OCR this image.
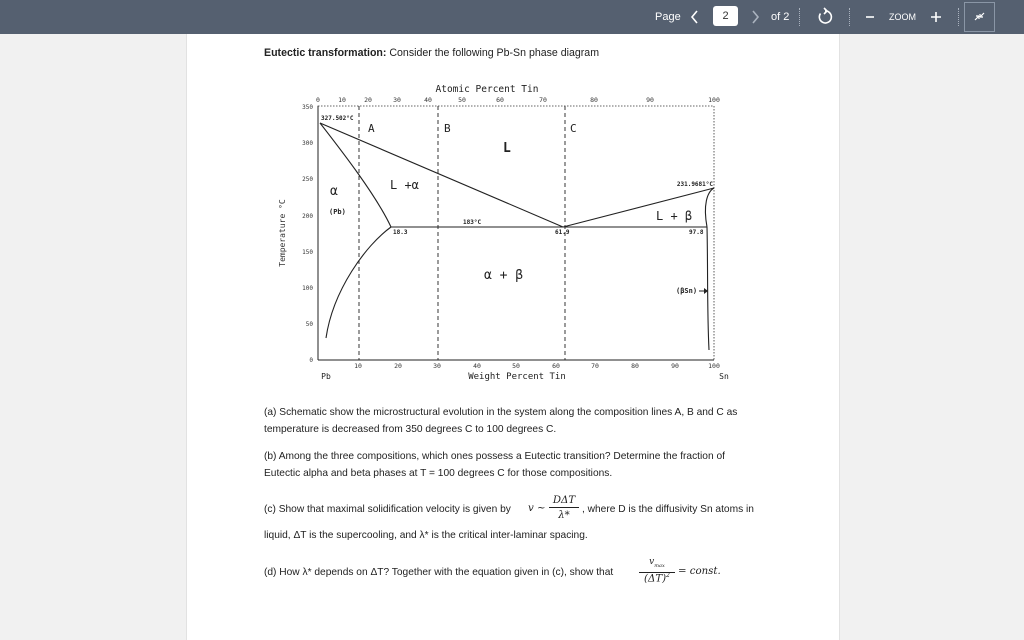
Page	2	of 2	ZOOM
Eutectic transformation: Consider the following Pb-Sn phase diagram
Atomic Percent Tin
0	10	20	30	40	50	60	70	80	90	100
350
300
250
200
150
100
50
0
Temperature °C
10	20	30	40	50	60	70	80	90	100
Pb	Sn
Weight Percent Tin
A	B	C
327.502°C
231.9681°C
183°C
18.3	61.9	97.8
L
L +α
L + β
α
(Pb)
α + β
(βSn)
(a) Schematic show the microstructural evolution in the system along the composition lines A, B and C as
temperature is decreased from 350 degrees C to 100 degrees C.
(b) Among the three compositions, which ones possess a Eutectic transition? Determine the fraction of
Eutectic alpha and beta phases at T = 100 degrees C for those compositions.
(c) Show that maximal solidification velocity is given by v ~
DΔT
λ*
, where D is the diffusivity Sn atoms in
liquid, ΔT is the supercooling, and λ* is the critical inter-laminar spacing.
(d) How λ* depends on ΔT? Together with the equation given in (c), show that
$v_{max}$
$(\Delta T)^2$ = const.
